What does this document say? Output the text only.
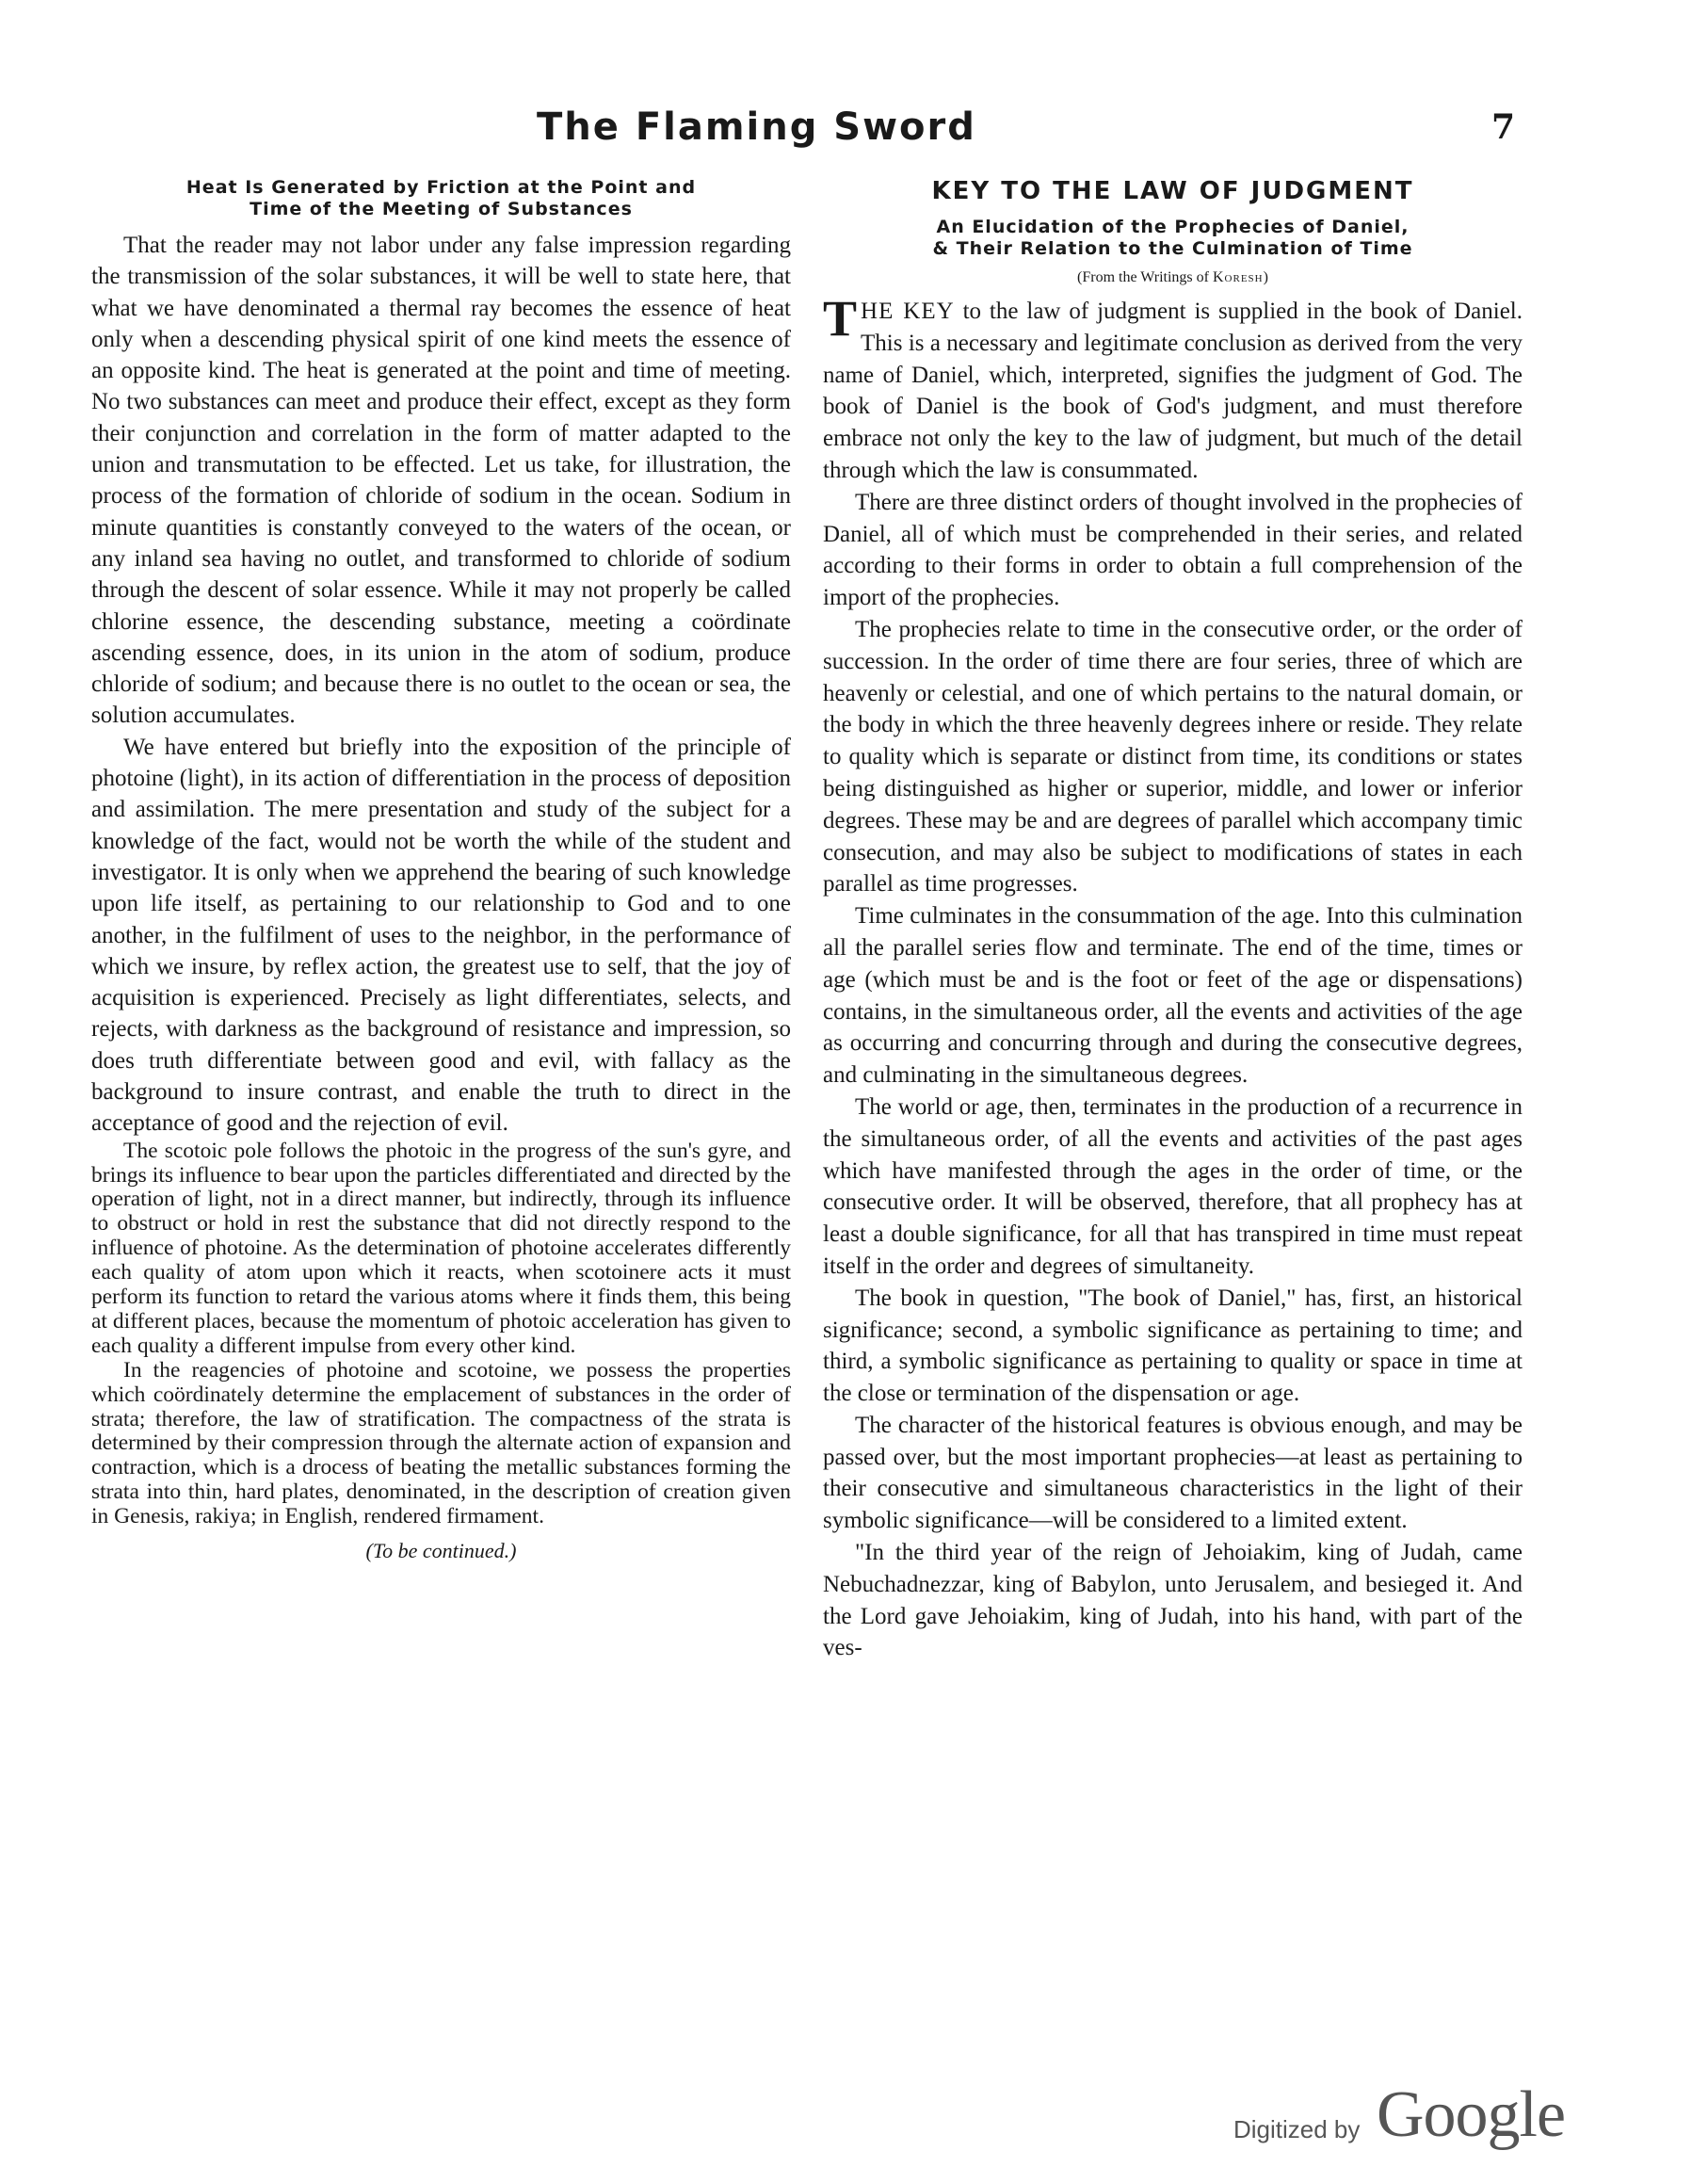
The Flaming Sword	7
Heat Is Generated by Friction at the Point and
Time of the Meeting of Substances

That the reader may not labor under any false impression regarding the transmission of the solar substances, it will be well to state here, that what we have denominated a thermal ray becomes the essence of heat only when a descending physical spirit of one kind meets the essence of an opposite kind. The heat is generated at the point and time of meeting. No two substances can meet and produce their effect, except as they form their conjunction and correlation in the form of matter adapted to the union and transmutation to be effected. Let us take, for illustration, the process of the formation of chloride of sodium in the ocean. Sodium in minute quantities is constantly conveyed to the waters of the ocean, or any inland sea having no outlet, and transformed to chloride of sodium through the descent of solar essence. While it may not properly be called chlorine essence, the descending substance, meeting a coördinate ascending essence, does, in its union in the atom of sodium, produce chloride of sodium; and because there is no outlet to the ocean or sea, the solution accumulates.

We have entered but briefly into the exposition of the principle of photoine (light), in its action of differentiation in the process of deposition and assimilation. The mere presentation and study of the subject for a knowledge of the fact, would not be worth the while of the student and investigator. It is only when we apprehend the bearing of such knowledge upon life itself, as pertaining to our relationship to God and to one another, in the fulfilment of uses to the neighbor, in the performance of which we insure, by reflex action, the greatest use to self, that the joy of acquisition is experienced. Precisely as light differentiates, selects, and rejects, with darkness as the background of resistance and impression, so does truth differentiate between good and evil, with fallacy as the background to insure contrast, and enable the truth to direct in the acceptance of good and the rejection of evil.

The scotoic pole follows the photoic in the progress of the sun's gyre, and brings its influence to bear upon the particles differentiated and directed by the operation of light, not in a direct manner, but indirectly, through its influence to obstruct or hold in rest the substance that did not directly respond to the influence of photoine. As the determination of photoine accelerates differently each quality of atom upon which it reacts, when scotoinere acts it must perform its function to retard the various atoms where it finds them, this being at different places, because the momentum of photoic acceleration has given to each quality a different impulse from every other kind.

In the reagencies of photoine and scotoine, we possess the properties which coördinately determine the emplacement of substances in the order of strata; therefore, the law of stratification. The compactness of the strata is determined by their compression through the alternate action of expansion and contraction, which is a drocess of beating the metallic substances forming the strata into thin, hard plates, denominated, in the description of creation given in Genesis, rakiya; in English, rendered firmament.

(To be continued.)

KEY TO THE LAW OF JUDGMENT
An Elucidation of the Prophecies of Daniel,
& Their Relation to the Culmination of Time
(From the Writings of Koresh)

THE KEY to the law of judgment is supplied in the book of Daniel. This is a necessary and legitimate conclusion as derived from the very name of Daniel, which, interpreted, signifies the judgment of God. The book of Daniel is the book of God's judgment, and must therefore embrace not only the key to the law of judgment, but much of the detail through which the law is consummated.

There are three distinct orders of thought involved in the prophecies of Daniel, all of which must be comprehended in their series, and related according to their forms in order to obtain a full comprehension of the import of the prophecies.

The prophecies relate to time in the consecutive order, or the order of succession. In the order of time there are four series, three of which are heavenly or celestial, and one of which pertains to the natural domain, or the body in which the three heavenly degrees inhere or reside. They relate to quality which is separate or distinct from time, its conditions or states being distinguished as higher or superior, middle, and lower or inferior degrees. These may be and are degrees of parallel which accompany timic consecution, and may also be subject to modifications of states in each parallel as time progresses.

Time culminates in the consummation of the age. Into this culmination all the parallel series flow and terminate. The end of the time, times or age (which must be and is the foot or feet of the age or dispensations) contains, in the simultaneous order, all the events and activities of the age as occurring and concurring through and during the consecutive degrees, and culminating in the simultaneous degrees.

The world or age, then, terminates in the production of a recurrence in the simultaneous order, of all the events and activities of the past ages which have manifested through the ages in the order of time, or the consecutive order. It will be observed, therefore, that all prophecy has at least a double significance, for all that has transpired in time must repeat itself in the order and degrees of simultaneity.

The book in question, "The book of Daniel," has, first, an historical significance; second, a symbolic significance as pertaining to time; and third, a symbolic significance as pertaining to quality or space in time at the close or termination of the dispensation or age.

The character of the historical features is obvious enough, and may be passed over, but the most important prophecies—at least as pertaining to their consecutive and simultaneous characteristics in the light of their symbolic significance—will be considered to a limited extent.

"In the third year of the reign of Jehoiakim, king of Judah, came Nebuchadnezzar, king of Babylon, unto Jerusalem, and besieged it. And the Lord gave Jehoiakim, king of Judah, into his hand, with part of the ves-

Digitized by Google
